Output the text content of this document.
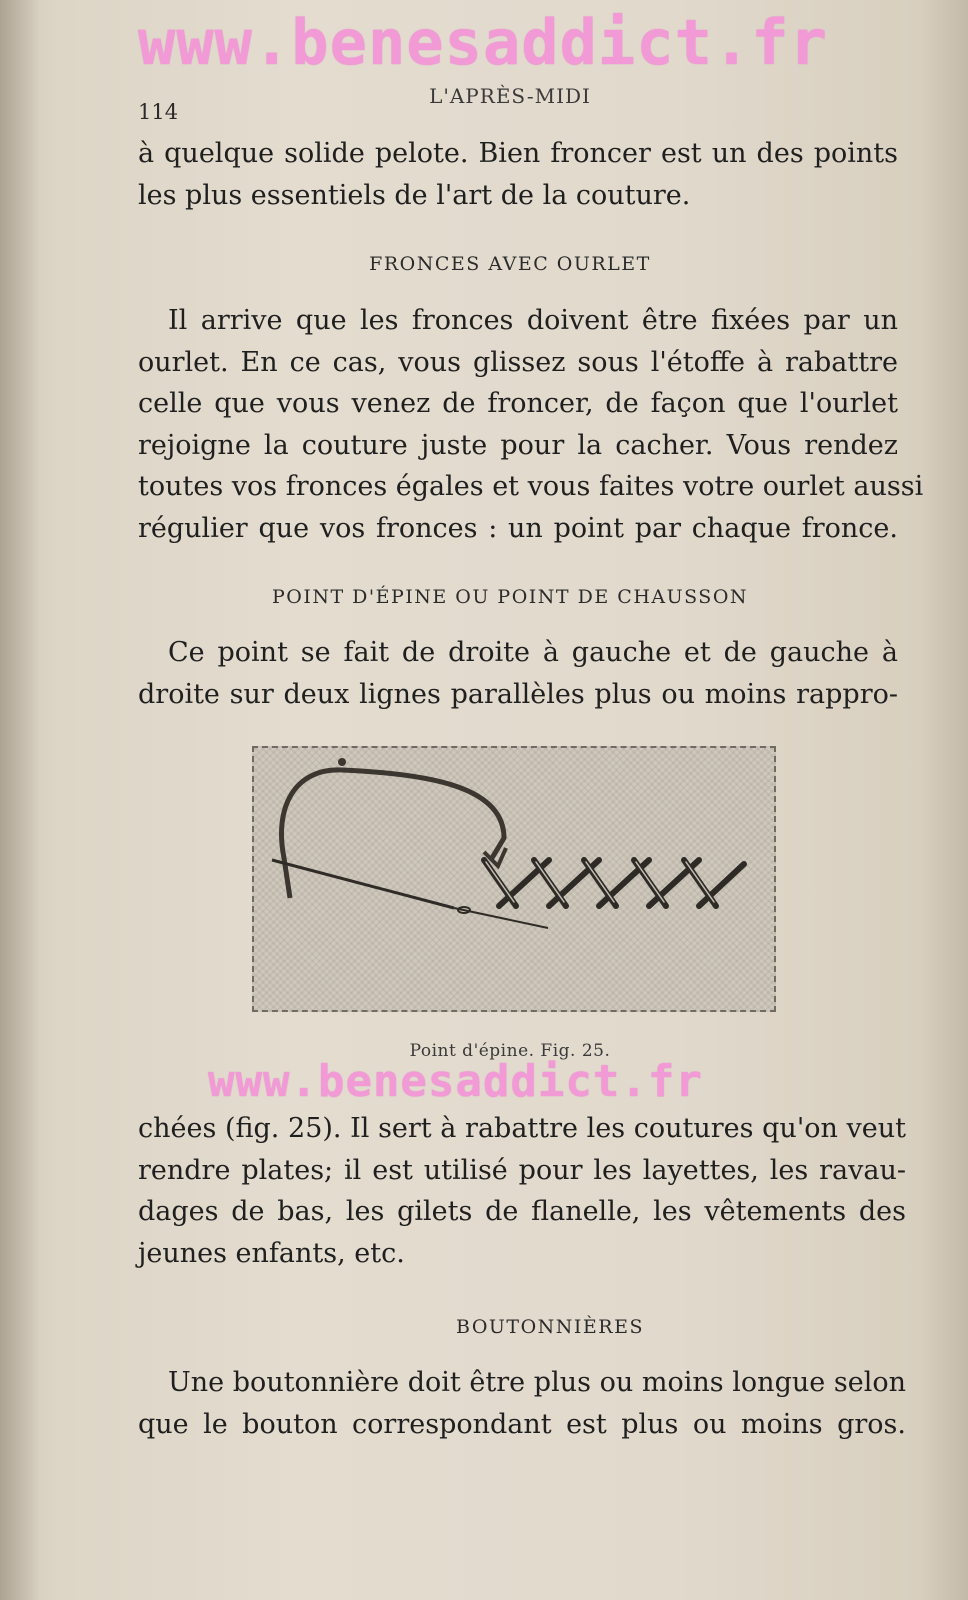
114
L'APRÈS-MIDI
à quelque solide pelote. Bien froncer est un des points
les plus essentiels de l'art de la couture.
FRONCES AVEC OURLET
Il arrive que les fronces doivent être fixées par un
ourlet. En ce cas, vous glissez sous l'étoffe à rabattre
celle que vous venez de froncer, de façon que l'ourlet
rejoigne la couture juste pour la cacher. Vous rendez
toutes vos fronces égales et vous faites votre ourlet aussi
régulier que vos fronces : un point par chaque fronce.
POINT D'ÉPINE OU POINT DE CHAUSSON
Ce point se fait de droite à gauche et de gauche à
droite sur deux lignes parallèles plus ou moins rappro-
Point d'épine. Fig. 25.
chées (fig. 25). Il sert à rabattre les coutures qu'on veut
rendre plates; il est utilisé pour les layettes, les ravau-
dages de bas, les gilets de flanelle, les vêtements des
jeunes enfants, etc.
BOUTONNIÈRES
Une boutonnière doit être plus ou moins longue selon
que le bouton correspondant est plus ou moins gros.
www.benesaddict.fr
www.benesaddict.fr
